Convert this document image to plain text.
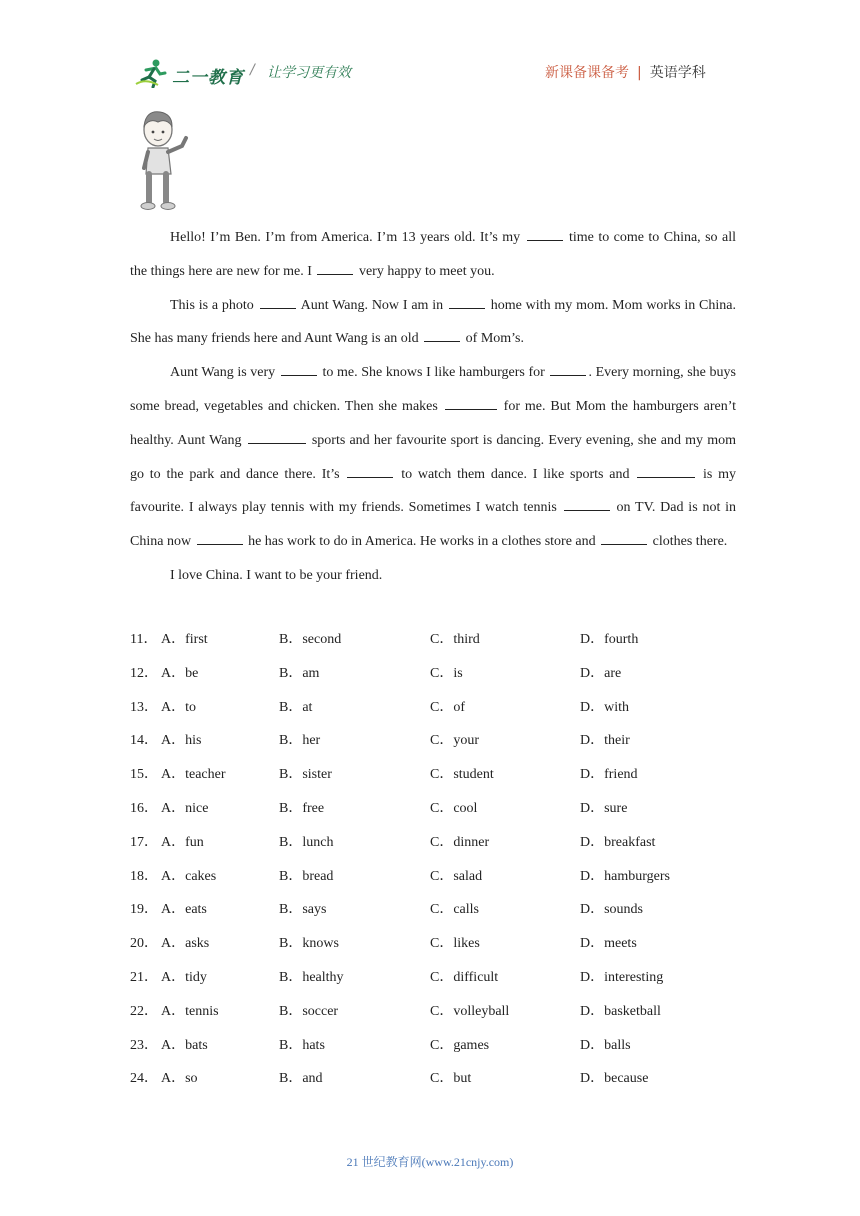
二一教育 / 让学习更有效	新课备课备考 | 英语学科

Hello! I’m Ben. I’m from America. I’m 13 years old. It’s my	time to come to China, so all the things here are new for me. I	very happy to meet you.

This is a photo	Aunt Wang. Now I am in	home with my mom. Mom works in China. She has many friends here and Aunt Wang is an old	of Mom’s.

Aunt Wang is very	to me. She knows I like hamburgers for	. Every morning, she buys some bread, vegetables and chicken. Then she makes	for me. But Mom the hamburgers aren’t healthy. Aunt Wang	sports and her favourite sport is dancing. Every evening, she and my mom go to the park and dance there. It’s	to watch them dance. I like sports and	is my favourite. I always play tennis with my friends. Sometimes I watch tennis	on TV. Dad is not in China now	he has work to do in America. He works in a clothes store and	clothes there.

I love China. I want to be your friend.

11． A．first	B．second	C．third	D．fourth
12． A．be	B．am	C．is	D．are
13． A．to	B．at	C．of	D．with
14． A．his	B．her	C．your	D．their
15． A．teacher	B．sister	C．student	D．friend
16． A．nice	B．free	C．cool	D．sure
17． A．fun	B．lunch	C．dinner	D．breakfast
18． A．cakes	B．bread	C．salad	D．hamburgers
19． A．eats	B．says	C．calls	D．sounds
20． A．asks	B．knows	C．likes	D．meets
21． A．tidy	B．healthy	C．difficult	D．interesting
22． A．tennis	B．soccer	C．volleyball	D．basketball
23． A．bats	B．hats	C．games	D．balls
24． A．so	B．and	C．but	D．because
21 世纪教育网(www.21cnjy.com)
